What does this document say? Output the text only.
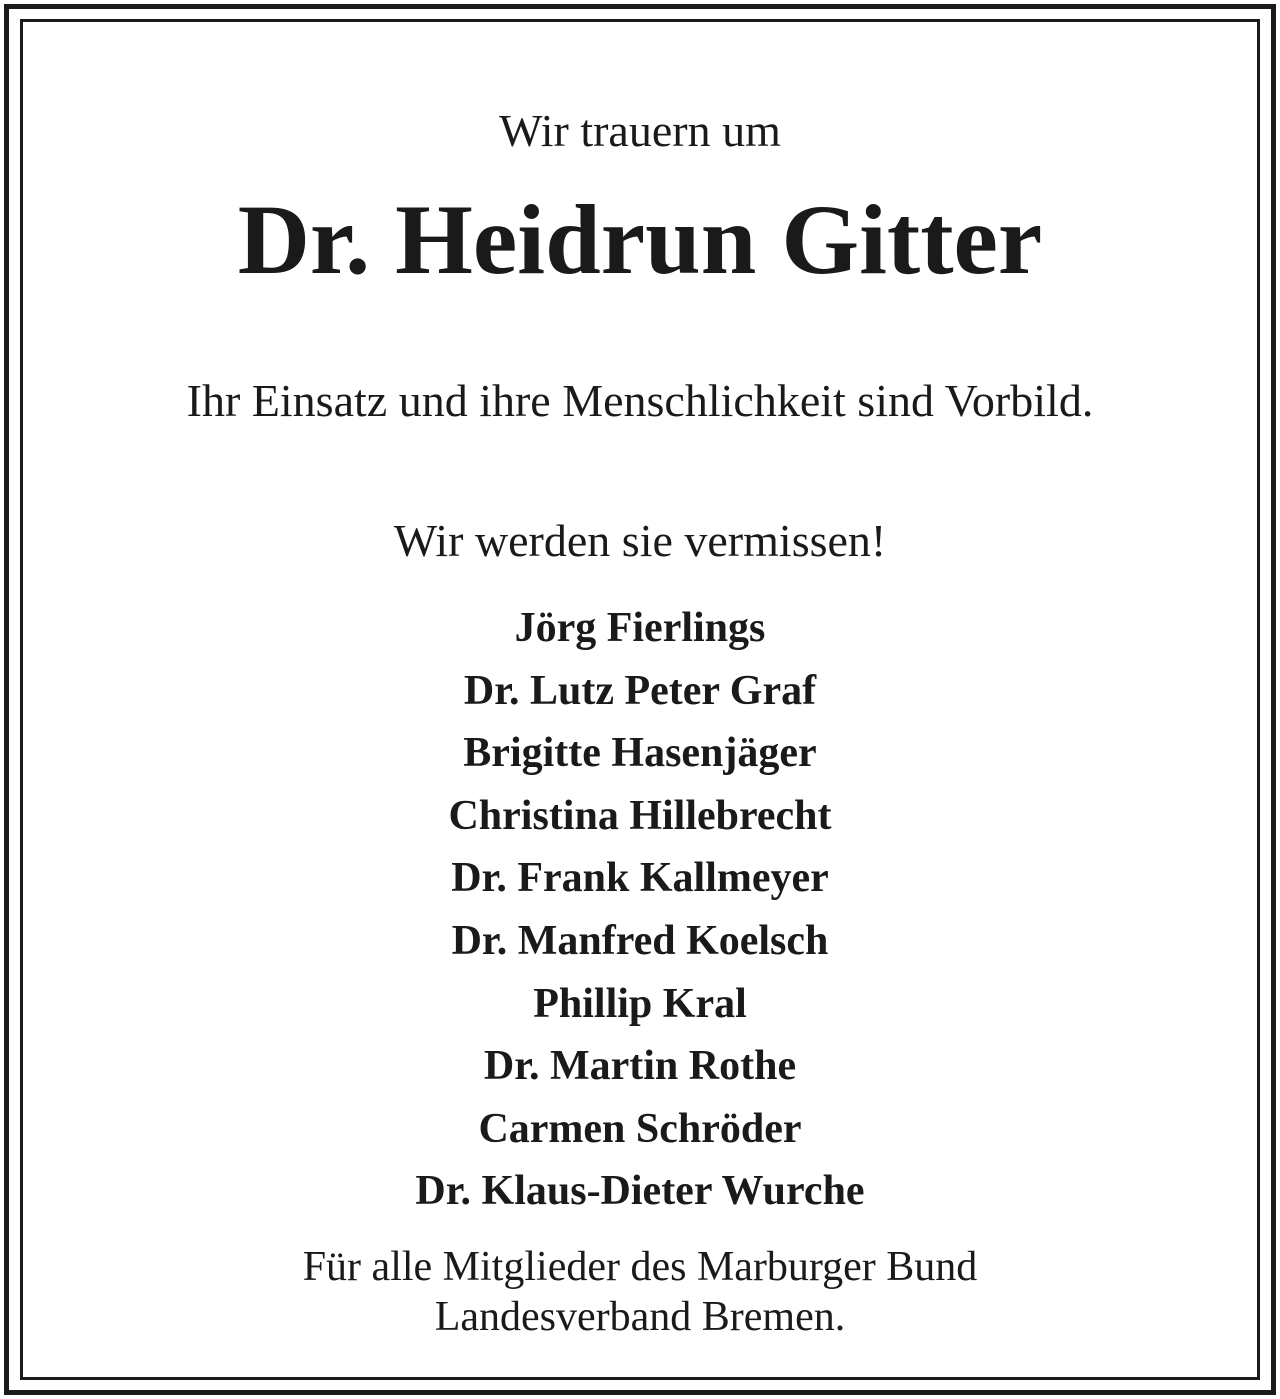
Wir trauern um
Dr. Heidrun Gitter
Ihr Einsatz und ihre Menschlichkeit sind Vorbild.
Wir werden sie vermissen!
Jörg Fierlings
Dr. Lutz Peter Graf
Brigitte Hasenjäger
Christina Hillebrecht
Dr. Frank Kallmeyer
Dr. Manfred Koelsch
Phillip Kral
Dr. Martin Rothe
Carmen Schröder
Dr. Klaus-Dieter Wurche
Für alle Mitglieder des Marburger Bund
Landesverband Bremen.
